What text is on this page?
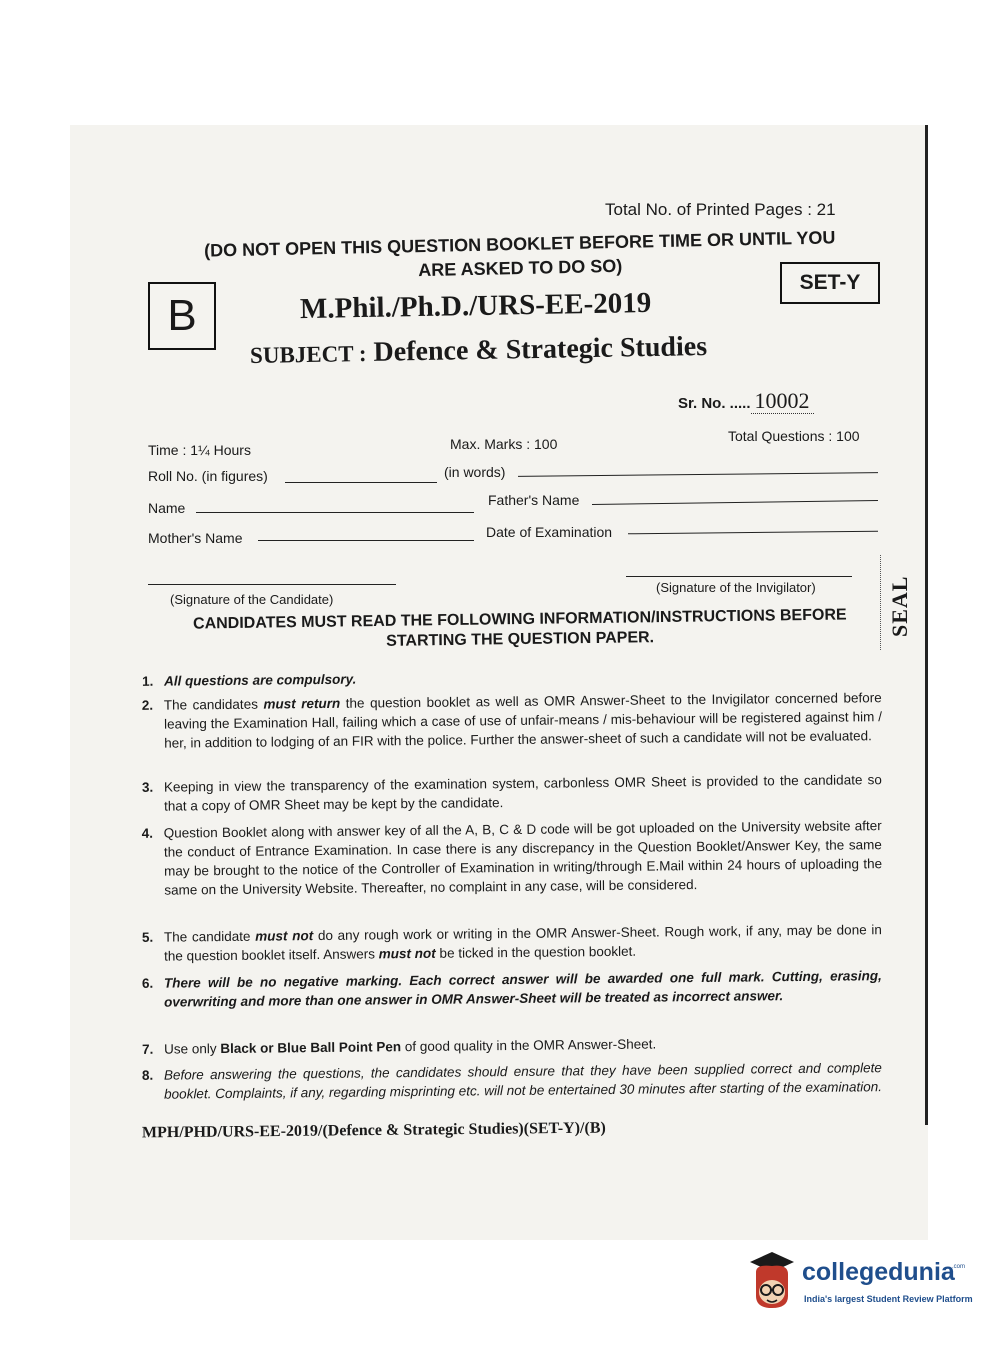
Total No. of Printed Pages : 21
(DO NOT OPEN THIS QUESTION BOOKLET BEFORE TIME OR UNTIL YOU
ARE ASKED TO DO SO)
B
SET-Y
M.Phil./Ph.D./URS-EE-2019
SUBJECT : Defence & Strategic Studies
Sr. No. ..... 10002
Time : 1¼ Hours	Max. Marks : 100	Total Questions : 100
Roll No. (in figures)	(in words)
Name	Father's Name
Mother's Name	Date of Examination
(Signature of the Candidate)
(Signature of the Invigilator)	SEAL
CANDIDATES MUST READ THE FOLLOWING INFORMATION/INSTRUCTIONS BEFORE
STARTING THE QUESTION PAPER.
1. All questions are compulsory.
2. The candidates must return the question booklet as well as OMR Answer-Sheet to the Invigilator concerned before leaving the Examination Hall, failing which a case of use of unfair-means / mis-behaviour will be registered against him / her, in addition to lodging of an FIR with the police. Further the answer-sheet of such a candidate will not be evaluated.
3. Keeping in view the transparency of the examination system, carbonless OMR Sheet is provided to the candidate so that a copy of OMR Sheet may be kept by the candidate.
4. Question Booklet along with answer key of all the A, B, C & D code will be got uploaded on the University website after the conduct of Entrance Examination. In case there is any discrepancy in the Question Booklet/Answer Key, the same may be brought to the notice of the Controller of Examination in writing/through E.Mail within 24 hours of uploading the same on the University Website. Thereafter, no complaint in any case, will be considered.
5. The candidate must not do any rough work or writing in the OMR Answer-Sheet. Rough work, if any, may be done in the question booklet itself. Answers must not be ticked in the question booklet.
6. There will be no negative marking. Each correct answer will be awarded one full mark. Cutting, erasing, overwriting and more than one answer in OMR Answer-Sheet will be treated as incorrect answer.
7. Use only Black or Blue Ball Point Pen of good quality in the OMR Answer-Sheet.
8. Before answering the questions, the candidates should ensure that they have been supplied correct and complete booklet. Complaints, if any, regarding misprinting etc. will not be entertained 30 minutes after starting of the examination.
MPH/PHD/URS-EE-2019/(Defence & Strategic Studies)(SET-Y)/(B)
collegedunia
.com
India's largest Student Review Platform
